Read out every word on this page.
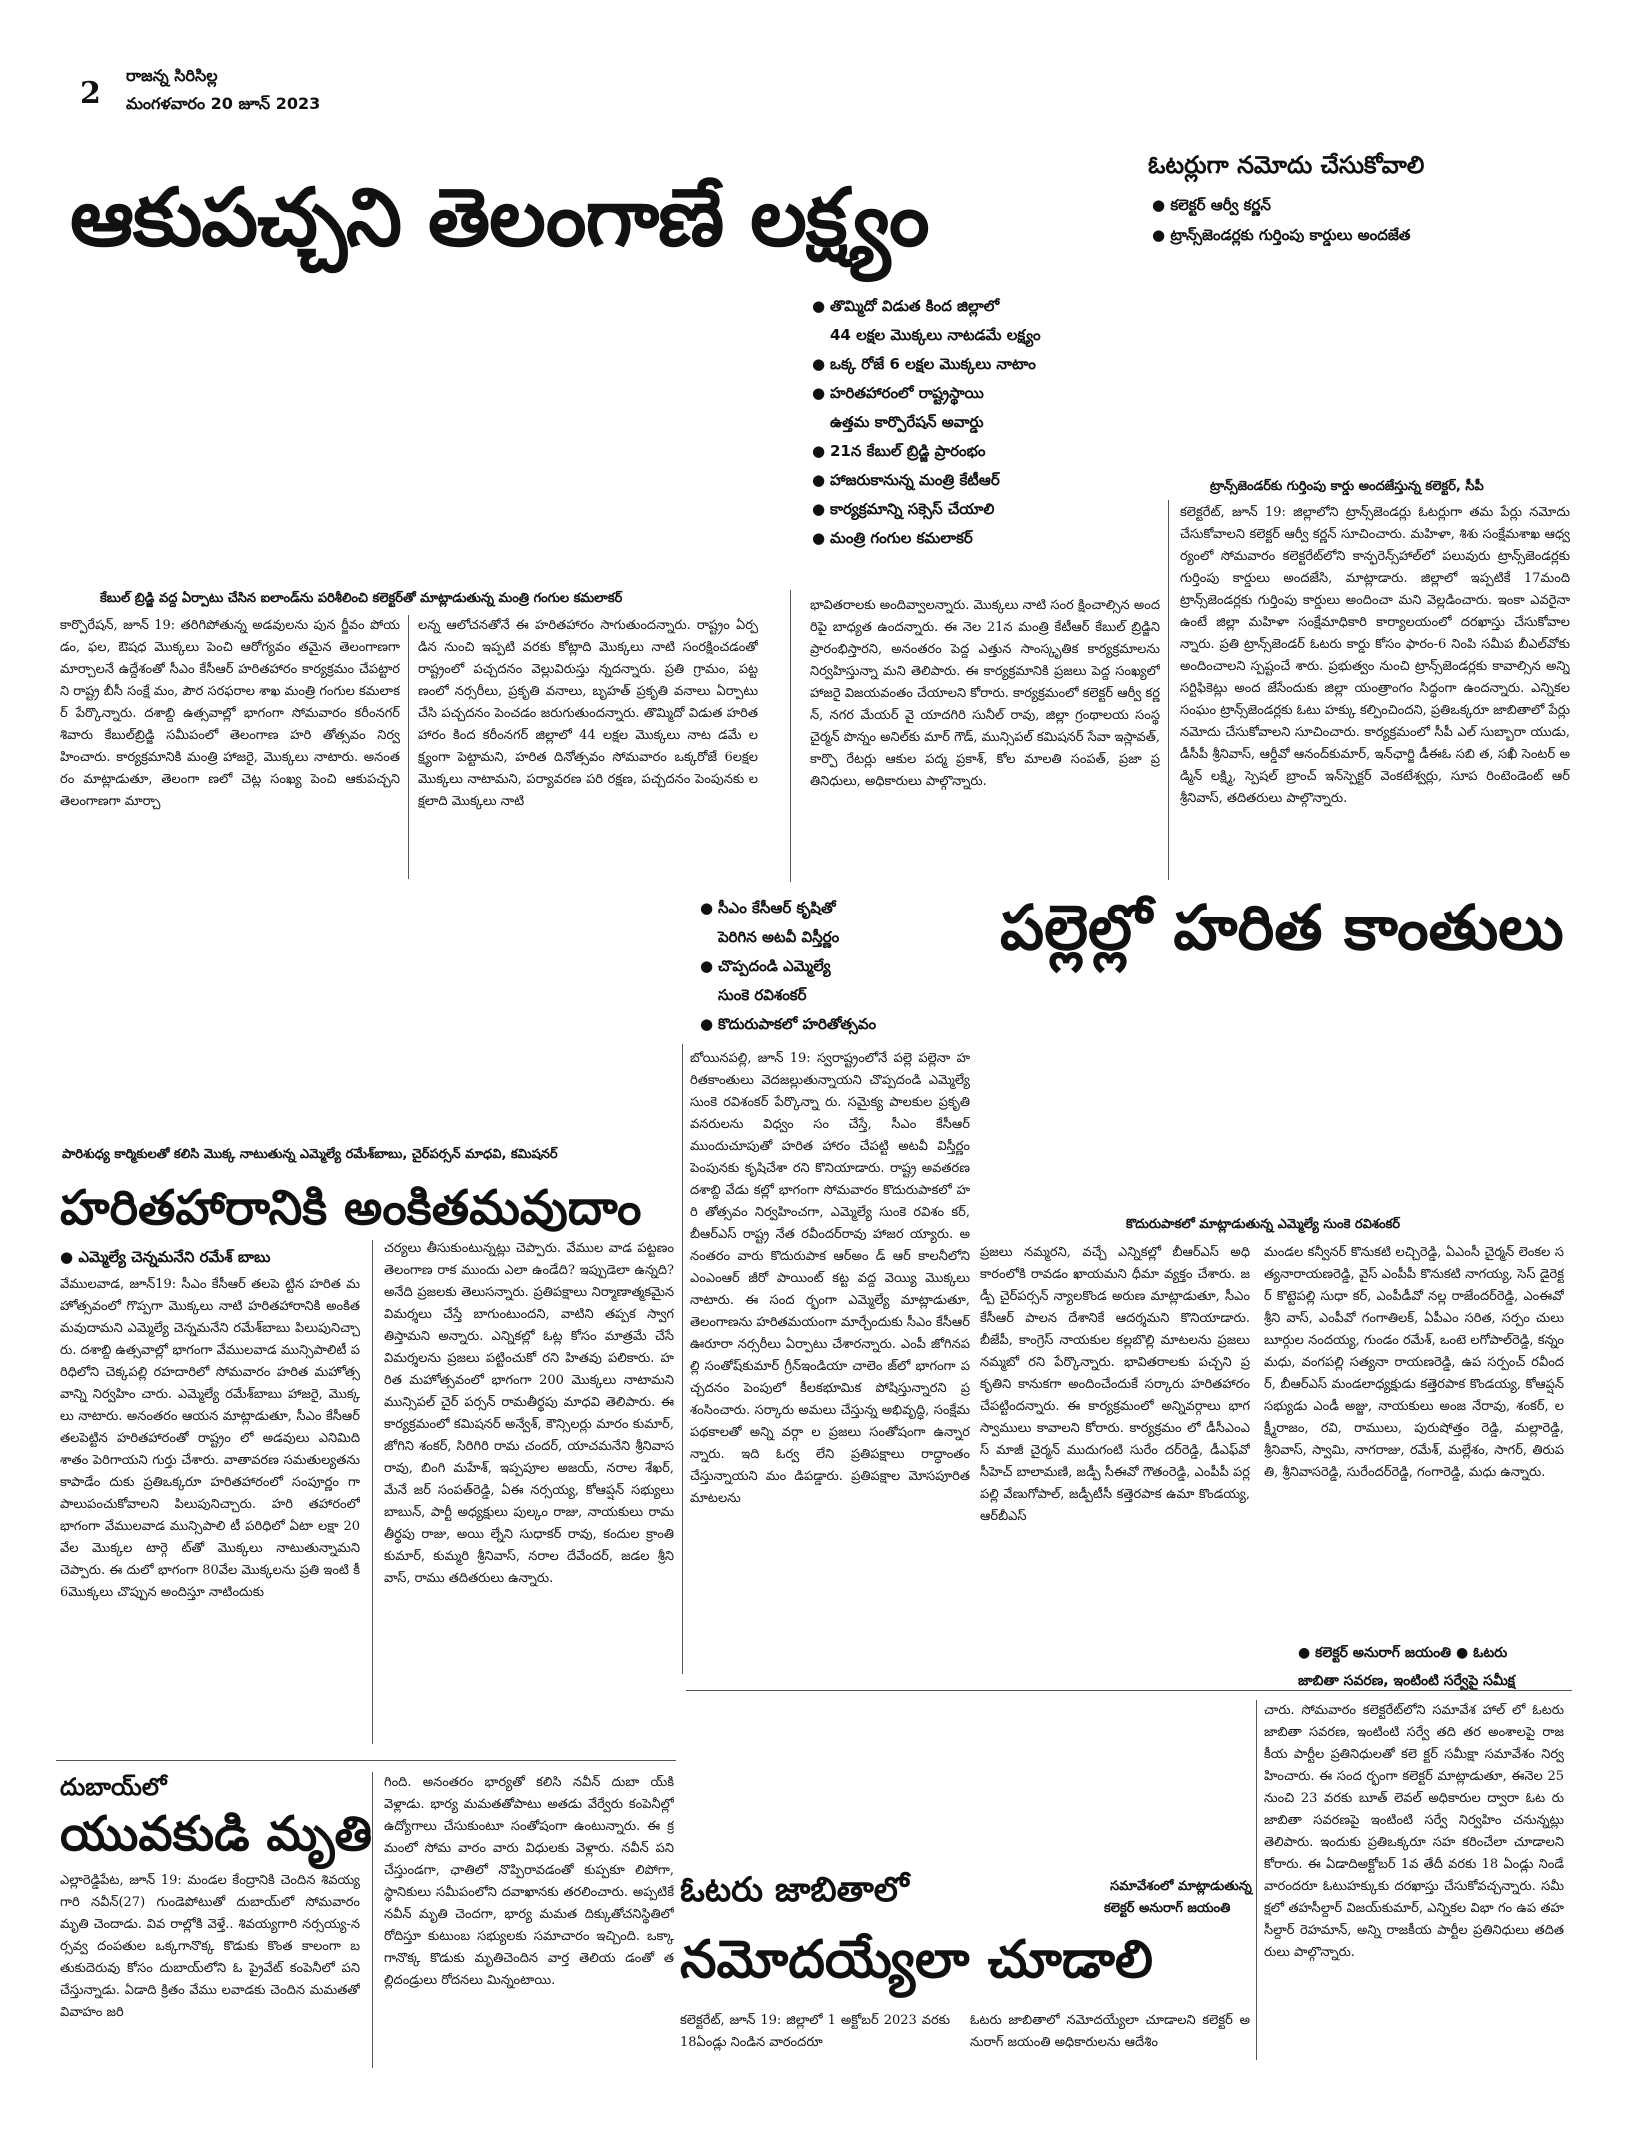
2
రాజన్న సిరిసిల్ల
మంగళవారం 20 జూన్ 2023
ఆకుపచ్చని తెలంగాణే లక్ష్యం
● తొమ్మిదో విడుత కింద జిల్లాలో
44 లక్షల మొక్కలు నాటడమే లక్ష్యం
● ఒక్క రోజే 6 లక్షల మొక్కలు నాటాం
● హరితహారంలో రాష్ట్రస్థాయి
ఉత్తమ కార్పొరేషన్ అవార్డు
● 21న కేబుల్ బ్రిడ్జి ప్రారంభం
● హాజరుకానున్న మంత్రి కేటీఆర్
● కార్యక్రమాన్ని సక్సెస్ చేయాలి
● మంత్రి గంగుల కమలాకర్
కేబుల్ బ్రిడ్జి వద్ద ఏర్పాటు చేసిన ఐలాండ్‌ను పరిశీలించి కలెక్టర్‌తో మాట్లాడుతున్న మంత్రి గంగుల కమలాకర్
కార్పొరేషన్, జూన్ 19: తరిగిపోతున్న అడవులను పున ర్జీవం పోయడం, ఫల, ఔషధ మొక్కలు పెంచి ఆరోగ్యవం తమైన తెలంగాణగా మార్చాలనే ఉద్దేశంతో సీఎం కేసీఆర్ హరితహారం కార్యక్రమం చేపట్టారని రాష్ట్ర బీసీ సంక్షే మం, పౌర సరఫరాల శాఖ మంత్రి గంగుల కమలాకర్ పేర్కొన్నారు. దశాబ్ది ఉత్సవాల్లో భాగంగా సోమవారం కరీంనగర్ శివారు కేబుల్‌బ్రిడ్జి సమీపంలో తెలంగాణ హరి తోత్సవం నిర్వహించారు. కార్యక్రమానికి మంత్రి హాజరై, మొక్కలు నాటారు. అనంతరం మాట్లాడుతూ, తెలంగా ణలో చెట్ల సంఖ్య పెంచి ఆకుపచ్చని తెలంగాణగా మార్చా
లన్న ఆలోచనతోనే ఈ హరితహారం సాగుతుందన్నారు. రాష్ట్రం ఏర్పడిన నుంచి ఇప్పటి వరకు కోట్లాది మొక్కలు నాటి సంరక్షించడంతో రాష్ట్రంలో పచ్చదనం వెల్లువిరుస్తు న్నదన్నారు. ప్రతి గ్రామం, పట్టణంలో నర్సరీలు, ప్రకృతి వనాలు, బృహత్ ప్రకృతి వనాలు ఏర్పాటు చేసి పచ్చదనం పెంచడం జరుగుతుందన్నారు. తొమ్మిదో విడుత హరిత హారం కింద కరీంనగర్ జిల్లాలో 44 లక్షల మొక్కలు నాట డమే లక్ష్యంగా పెట్టామని, హరిత దినోత్సవం సోమవారం ఒక్కరోజే 6లక్షల మొక్కలు నాటామని, పర్యావరణ పరి రక్షణ, పచ్చదనం పెంపునకు లక్షలాది మొక్కలు నాటి
భావితరాలకు అందివ్వాలన్నారు. మొక్కలు నాటి సంర క్షించాల్సిన అందరిపై బాధ్యత ఉందన్నారు. ఈ నెల 21న మంత్రి కేటీఆర్ కేబుల్ బ్రిడ్జిని ప్రారంభిస్తారని, అనంతరం పెద్ద ఎత్తున సాంస్కృతిక కార్యక్రమాలను నిర్వహిస్తున్నా మని తెలిపారు. ఈ కార్యక్రమానికి ప్రజలు పెద్ద సంఖ్యలో హాజరై విజయవంతం చేయాలని కోరారు. కార్యక్రమంలో కలెక్టర్ ఆర్వీ కర్ణన్, నగర మేయర్ వై యాదగిరి సునీల్ రావు, జిల్లా గ్రంథాలయ సంస్థ చైర్మన్ పొన్నం అనిల్‌కు మార్ గౌడ్, మున్సిపల్ కమిషనర్ సేవా ఇస్లావత్, కార్పొ రేటర్లు ఆకుల పద్మ ప్రకాశ్, కోల మాలతి సంపత్, ప్రజా ప్రతినిధులు, అధికారులు పాల్గొన్నారు.
ఓటర్లుగా నమోదు చేసుకోవాలి
● కలెక్టర్ ఆర్వీ కర్ణన్
● ట్రాన్స్‌జెండర్లకు గుర్తింపు కార్డులు అందజేత
ట్రాన్స్‌జెండర్‌కు గుర్తింపు కార్డు అందజేస్తున్న కలెక్టర్, సీపీ
కలెక్టరేట్, జూన్ 19: జిల్లాలోని ట్రాన్స్‌జెండర్లు ఓటర్లుగా తమ పేర్లు నమోదు చేసుకోవాలని కలెక్టర్ ఆర్వీ కర్ణన్ సూచించారు. మహిళా, శిశు సంక్షేమశాఖ ఆధ్వర్యంలో సోమవారం కలెక్టరేట్‌లోని కాన్ఫరెన్స్‌హాల్‌లో పలువురు ట్రాన్స్‌జెండర్లకు గుర్తింపు కార్డులు అందజేసి, మాట్లాడారు. జిల్లాలో ఇప్పటికే 17మంది ట్రాన్స్‌జెండర్లకు గుర్తింపు కార్డులు అందించా మని వెల్లడించారు. ఇంకా ఎవరైనా ఉంటే జిల్లా మహిళా సంక్షేమాధికారి కార్యాలయంలో దరఖాస్తు చేసుకోవాలన్నారు. ప్రతి ట్రాన్స్‌జెండర్ ఓటరు కార్డు కోసం ఫారం-6 నింపి సమీప బీఎల్‌వోకు అందించాలని స్పష్టంచే శారు. ప్రభుత్వం నుంచి ట్రాన్స్‌జెండర్లకు కావాల్సిన అన్ని సర్టిఫికెట్లు అంద జేసేందుకు జిల్లా యంత్రాంగం సిద్ధంగా ఉందన్నారు. ఎన్నికల సంఘం ట్రాన్స్‌జెండర్లకు ఓటు హక్కు కల్పించిందని, ప్రతిఒక్కరూ జాబితాలో పేర్లు నమోదు చేసుకోవాలని సూచించారు. కార్యక్రమంలో సీపీ ఎల్ సుబ్బారా యుడు, డీసీపీ శ్రీనివాస్, ఆర్డీవో ఆనంద్‌కుమార్, ఇన్‌ఛార్జి డీఈఓ సబి త, సఖీ సెంటర్ అడ్మిన్ లక్ష్మి, స్పెషల్ బ్రాంచ్ ఇన్‌స్పెక్టర్ వెంకటేశ్వర్లు, సూప రింటెండెంట్ ఆర్ శ్రీనివాస్, తదితరులు పాల్గొన్నారు.
పల్లెల్లో హరిత కాంతులు
● సీఎం కేసీఆర్ కృషితో
పెరిగిన అటవీ విస్తీర్ణం
● చొప్పదండి ఎమ్మెల్యే
సుంకె రవిశంకర్
● కొదురుపాకలో హరితోత్సవం
కొదురుపాకలో మాట్లాడుతున్న ఎమ్మెల్యే సుంకె రవిశంకర్
బోయినపల్లి, జూన్ 19: స్వరాష్ట్రంలోనే పల్లె పల్లెనా హరితకాంతులు వెదజల్లుతున్నాయని చొప్పదండి ఎమ్మెల్యే సుంకె రవిశంకర్ పేర్కొన్నా రు. సమైక్య పాలకుల ప్రకృతి వనరులను విధ్వం సం చేస్తే, సీఎం కేసీఆర్ ముందుచూపుతో హరిత హారం చేపట్టి అటవీ విస్తీర్ణం పెంపునకు కృషిచేశా రని కొనియాడారు. రాష్ట్ర అవతరణ దశాబ్ది వేడు కల్లో భాగంగా సోమవారం కొదురుపాకలో హరి తోత్సవం నిర్వహించగా, ఎమ్మెల్యే సుంకె రవిశం కర్, బీఆర్‌ఎస్ రాష్ట్ర నేత రవీందర్‌రావు హాజర య్యారు. అనంతరం వారు కొదురుపాక ఆర్‌అం డ్ ఆర్ కాలనీలోని ఎంఎంఆర్ జీరో పాయింట్ కట్ట వద్ద వెయ్యి మొక్కలు నాటారు. ఈ సంద ర్భంగా ఎమ్మెల్యే మాట్లాడుతూ, తెలంగాణను హరితమయంగా మార్చేందుకు సీఎం కేసీఆర్ ఊరూరా నర్సరీలు ఏర్పాటు చేశారన్నారు. ఎంపీ జోగినపల్లి సంతోష్‌కుమార్ గ్రీన్‌ఇండియా చాలెం జ్‌లో భాగంగా పచ్చదనం పెంపులో కీలకభూమిక పోషిస్తున్నారని ప్రశంసించారు. సర్కారు అమలు చేస్తున్న అభివృద్ధి, సంక్షేమ పథకాలతో అన్ని వర్గా ల ప్రజలు సంతోషంగా ఉన్నారన్నారు. ఇది ఓర్వ లేని ప్రతిపక్షాలు రాద్ధాంతం చేస్తున్నాయని మం డిపడ్డారు. ప్రతిపక్షాల మోసపూరిత మాటలను
ప్రజలు నమ్మరని, వచ్చే ఎన్నికల్లో బీఆర్‌ఎస్ అధి కారంలోకి రావడం ఖాయమని ధీమా వ్యక్తం చేశారు. జడ్పీ చైర్‌పర్సన్ న్యాలకొండ అరుణ మాట్లాడుతూ, సీఎం కేసీఆర్ పాలన దేశానికే ఆదర్శమని కొనియాడారు. బీజేపీ, కాంగ్రెస్ నాయకుల కల్లబొల్లి మాటలను ప్రజలు నమ్మబో రని పేర్కొన్నారు. భావితరాలకు పచ్చని ప్రకృతిని కానుకగా అందించేందుకే సర్కారు హరితహారం చేపట్టిందన్నారు. ఈ కార్యక్రమంలో అన్నివర్గాలు భాగస్వాములు కావాలని కోరారు. కార్యక్రమం లో డీసీఎంఎస్ మాజీ చైర్మన్ ముదుగంటి సురేం దర్‌రెడ్డి, డీఎఫ్‌వో సీహెచ్ బాలామణి, జడ్పీ సీఈవో గౌతంరెడ్డి, ఎంపీపీ పర్లపల్లి వేణుగోపాల్, జడ్పీటీసీ కత్తెరపాక ఉమా కొండయ్య, ఆర్‌బీఎస్
మండల కన్వీనర్ కొనుకటి లచ్చిరెడ్డి, ఏఎంసీ చైర్మన్ లెంకల సత్యనారాయణరెడ్డి, వైస్ ఎంపీపీ కొనుకటి నాగయ్య, సెస్ డైరెక్టర్ కొట్టెపల్లి సుధా కర్, ఎంపీడీవో నల్ల రాజేందర్‌రెడ్డి, ఎంఈవో శ్రీని వాస్, ఎంపీవో గంగాతిలక్, ఏపీఎం సరిత, సర్పం చులు బూర్గుల నందయ్య, గుండం రమేశ్, ఒంటె లగోపాల్‌రెడ్డి, కన్నం మధు, వంగపల్లి సత్యనా రాయణరెడ్డి, ఉప సర్పంచ్ రవీందర్, బీఆర్‌ఎస్ మండలాధ్యక్షుడు కత్తెరపాక కొండయ్య, కోఆప్షన్ సభ్యుడు ఎండీ అజ్జు, నాయకులు అంజ నేరావు, శంకర్, లక్ష్మీరాజం, రవి, రాములు, పురుషోత్తం రెడ్డి, మల్లారెడ్డి, శ్రీనివాస్, స్వామి, నాగరాజు, రమేశ్, మల్లేశం, సాగర్, తిరుపతి, శ్రీనివాసరెడ్డి, సురేందర్‌రెడ్డి, గంగారెడ్డి, మధు ఉన్నారు.
పారిశుధ్య కార్మికులతో కలిసి మొక్క నాటుతున్న ఎమ్మెల్యే రమేశ్‌బాబు, చైర్‌పర్సన్ మాధవి, కమిషనర్
హరితహారానికి అంకితమవుదాం
● ఎమ్మెల్యే చెన్నమనేని రమేశ్ బాబు
వేములవాడ, జూన్19: సీఎం కేసీఆర్ తలపె ట్టిన హరిత మహోత్సవంలో గొప్పగా మొక్కలు నాటి హరితహారానికి అంకితమవుదామని ఎమ్మెల్యే చెన్నమనేని రమేశ్‌బాబు పిలుపునిచ్చా రు. దశాబ్ది ఉత్సవాల్లో భాగంగా వేములవాడ మున్సిపాలిటీ పరిధిలోని చెక్కపల్లి రహదారిలో సోమవారం హరిత మహోత్సవాన్ని నిర్వహిం చారు. ఎమ్మెల్యే రమేశ్‌బాబు హాజరై, మొక్కలు నాటారు. అనంతరం ఆయన మాట్లాడుతూ, సీఎం కేసీఆర్ తలపెట్టిన హరితహారంతో రాష్ట్రం లో అడవులు ఎనిమిది శాతం పెరిగాయని గుర్తు చేశారు. వాతావరణ సమతుల్యతను కాపాడేం దుకు ప్రతిఒక్కరూ హరితహారంలో సంపూర్ణం గా పాలుపంచుకోవాలని పిలుపునిచ్చారు. హరి తహారంలో భాగంగా వేములవాడ మున్సిపాలి టీ పరిధిలో ఏటా లక్షా 20 వేల మొక్కల టార్గె ట్‌తో మొక్కలు నాటుతున్నామని చెప్పారు. ఈ దులో భాగంగా 80వేల మొక్కలను ప్రతి ఇంటి కీ 6మొక్కలు చొప్పున అందిస్తూ నాటిందుకు
చర్యలు తీసుకుంటున్నట్లు చెప్పారు. వేముల వాడ పట్టణం తెలంగాణ రాక ముందు ఎలా ఉండేది? ఇప్పుడెలా ఉన్నది? అనేది ప్రజలకు తెలుసన్నారు. ప్రతిపక్షాలు నిర్మాణాత్మకమైన విమర్శలు చేస్తే బాగుంటుందని, వాటిని తప్పక స్వాగతిస్తామని అన్నారు. ఎన్నికల్లో ఓట్ల కోసం మాత్రమే చేసే విమర్శలను ప్రజలు పట్టించుకో రని హితవు పలికారు. హరిత మహోత్సవంలో భాగంగా 200 మొక్కలు నాటామని మున్సిపల్ చైర్ పర్సన్ రామతీర్థపు మాధవి తెలిపారు. ఈ కార్యక్రమంలో కమిషనర్ అన్వేశ్, కౌన్సిలర్లు మారం కుమార్, జోగిని శంకర్, సిరిగిరి రామ చందర్, యాచమనేని శ్రీనివాసరావు, బింగి మహేశ్, ఇప్పపూల అజయ్, నరాల శేఖర్, మేనే జర్ సంపత్‌రెడ్డి, ఏఈ నర్సయ్య, కోఆప్షన్ సభ్యులు బాబున్, పార్టీ అధ్యక్షులు పుల్కం రాజు, నాయకులు రామతీర్థపు రాజు, అయి ల్నేని సుధాకర్ రావు, కందుల క్రాంతి కుమార్, కుమ్మరి శ్రీనివాస్, నరాల దేవేందర్, జడల శ్రీని వాస్, రాము తదితరులు ఉన్నారు.
దుబాయ్‌లో
యువకుడి మృతి
ఎల్లారెడ్డిపేట, జూన్ 19: మండల కేంద్రానికి చెందిన శివయ్యగారి నవీన్(27) గుండెపోటుతో దుబాయ్‌లో సోమవారం మృతి చెందాడు. వివ రాల్లోకి వెళ్తే.. శివయ్యగారి నర్సయ్య-నర్సవ్వ దంపతుల ఒక్కగానొక్క కొడుకు కొంత కాలంగా బతుకుదెరువు కోసం దుబాయ్‌లోని ఓ ప్రైవేట్ కంపెనీలో పని చేస్తున్నాడు. ఏడాది క్రితం వేము లవాడకు చెందిన మమతతో వివాహం జరి
గింది. అనంతరం భార్యతో కలిసి నవీన్ దుబా య్‌కి వెళ్లాడు. భార్య మమతతోపాటు అతడు వేర్వేరు కంపెనీల్లో ఉద్యోగాలు చేసుకుంటూ సంతోషంగా ఉంటున్నారు. ఈ క్రమంలో సోమ వారం వారు విధులకు వెళ్లారు. నవీన్ పని చేస్తుండగా, ఛాతిలో నొప్పిరావడంతో కుప్పకూ లిపోగా, స్థానికులు సమీపంలోని దవాఖానకు తరలించారు. అప్పటికే నవీన్ మృతి చెందగా, భార్య మమత దిక్కుతోచనిస్థితిలో రోదిస్తూ కుటుంబ సభ్యులకు సమాచారం ఇచ్చింది. ఒక్కా గానొక్క కొడుకు మృతిచెందిన వార్త తెలియ డంతో తల్లిదండ్రులు రోదనలు మిన్నంటాయి.
● కలెక్టర్ అనురాగ్ జయంతి ● ఓటరు
జాబితా సవరణ, ఇంటింటి సర్వేపై సమీక్ష
ఓటరు జాబితాలో
నమోదయ్యేలా చూడాలి
సమావేశంలో మాట్లాడుతున్న
కలెక్టర్ అనురాగ్ జయంతి
కలెక్టరేట్, జూన్ 19: జిల్లాలో 1 అక్టోబర్ 2023 వరకు 18ఏండ్లు నిండిన వారందరూ
ఓటరు జాబితాలో నమోదయ్యేలా చూడాలని కలెక్టర్ అనురాగ్ జయంతి అధికారులను ఆదేశిం
చారు. సోమవారం కలెక్టరేట్‌లోని సమావేశ హాల్ లో ఓటరు జాబితా సవరణ, ఇంటింటి సర్వే తది తర అంశాలపై రాజకీయ పార్టీల ప్రతినిధులతో కలె క్టర్ సమీక్షా సమావేశం నిర్వహించారు. ఈ సంద ర్భంగా కలెక్టర్ మాట్లాడుతూ, ఈనెల 25 నుంచి 23 వరకు బూత్ లెవల్ అధికారుల ద్వారా ఓట రు జాబితా సవరణపై ఇంటింటి సర్వే నిర్వహిం చనున్నట్లు తెలిపారు. ఇందుకు ప్రతిఒక్కరూ సహ కరించేలా చూడాలని కోరారు. ఈ ఏడాదిఅక్టోబర్ 1వ తేదీ వరకు 18 ఏండ్లు నిండే వారందరూ ఓటుహక్కుకు దరఖాస్తు చేసుకోవచ్చన్నారు. సమీ క్షలో తహసీల్దార్ విజయ్‌కుమార్, ఎన్నికల విభా గం ఉప తహసీల్దార్ రెహమాన్, అన్ని రాజకీయ పార్టీల ప్రతినిధులు తదితరులు పాల్గొన్నారు.
